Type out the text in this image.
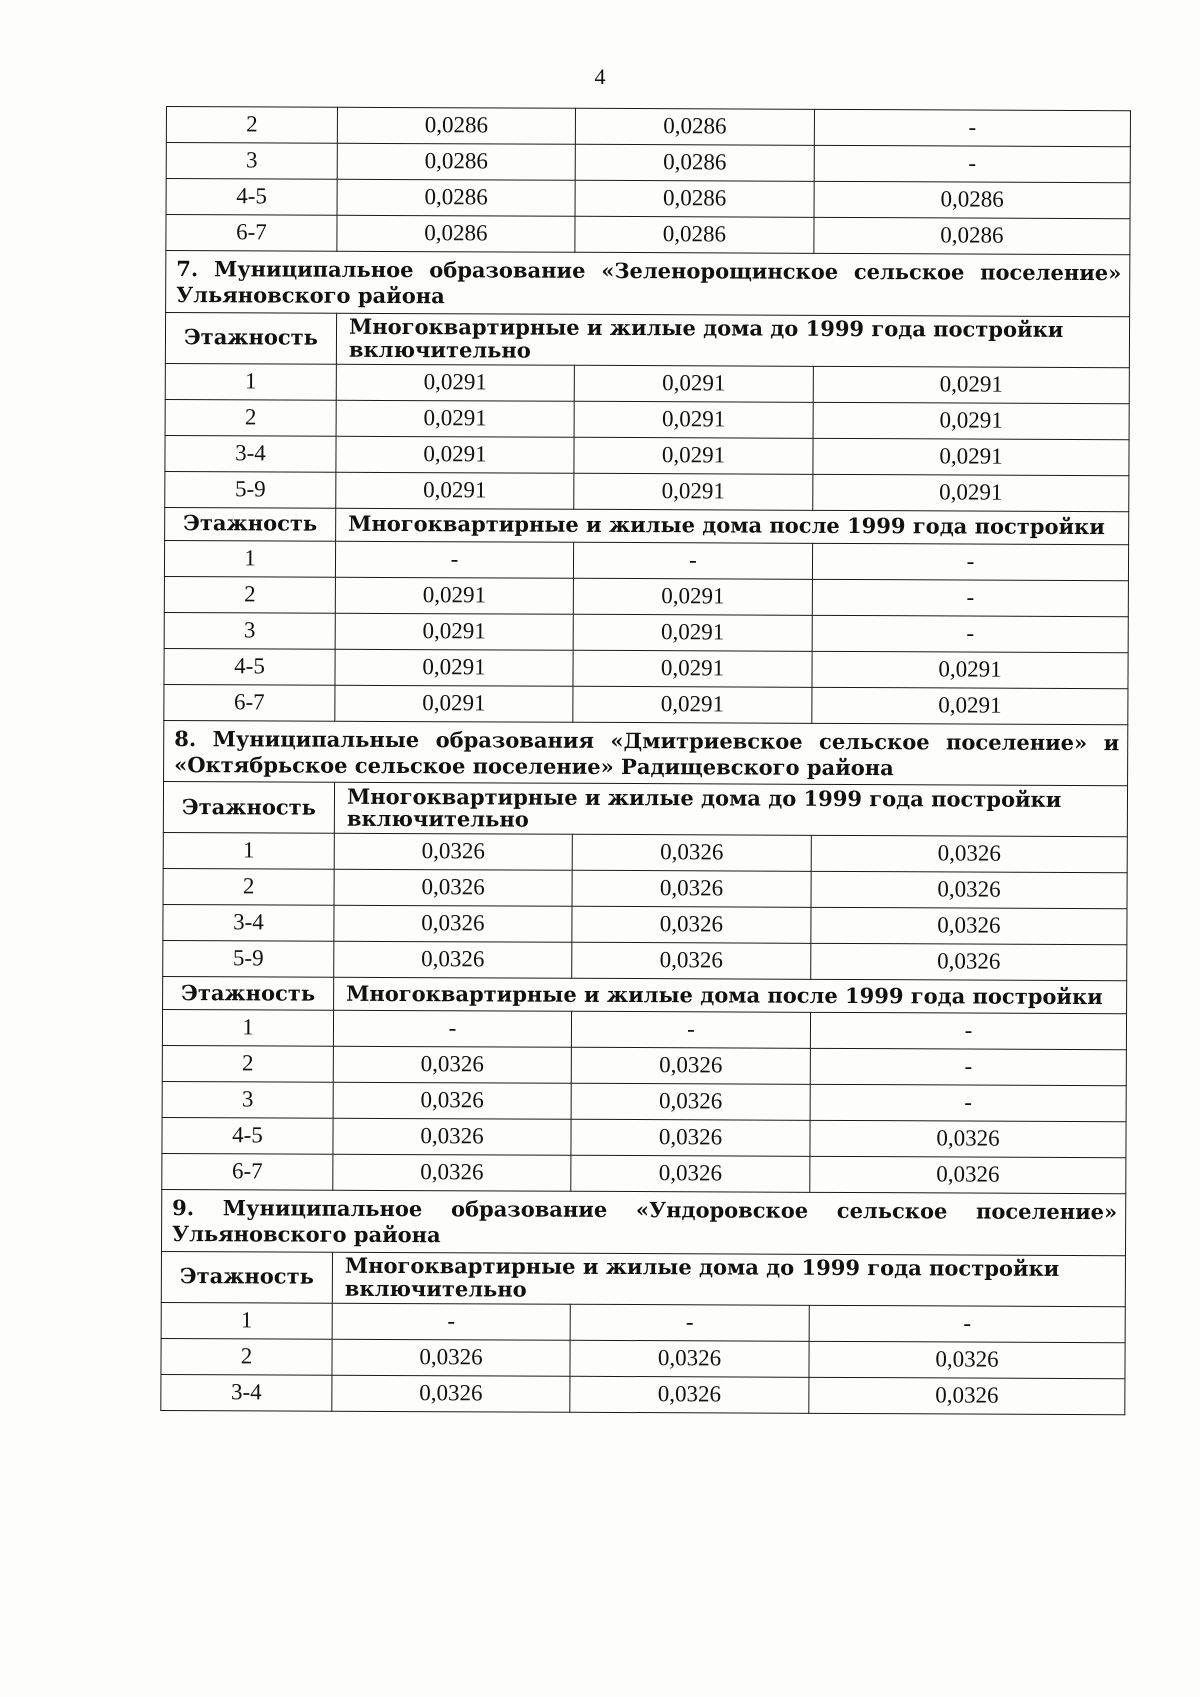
4
2	0,0286	0,0286	-
3	0,0286	0,0286	-
4-5	0,0286	0,0286	0,0286
6-7	0,0286	0,0286	0,0286
7. Муниципальное образование «Зеленорощинское сельское поселение» Ульяновского района			
Этажность	Многоквартирные и жилые дома до 1999 года постройки включительно		
1	0,0291	0,0291	0,0291
2	0,0291	0,0291	0,0291
3-4	0,0291	0,0291	0,0291
5-9	0,0291	0,0291	0,0291
Этажность	Многоквартирные и жилые дома после 1999 года постройки		
1	-	-	-
2	0,0291	0,0291	-
3	0,0291	0,0291	-
4-5	0,0291	0,0291	0,0291
6-7	0,0291	0,0291	0,0291
8. Муниципальные образования «Дмитриевское сельское поселение» и «Октябрьское сельское поселение» Радищевского района			
Этажность	Многоквартирные и жилые дома до 1999 года постройки включительно		
1	0,0326	0,0326	0,0326
2	0,0326	0,0326	0,0326
3-4	0,0326	0,0326	0,0326
5-9	0,0326	0,0326	0,0326
Этажность	Многоквартирные и жилые дома после 1999 года постройки		
1	-	-	-
2	0,0326	0,0326	-
3	0,0326	0,0326	-
4-5	0,0326	0,0326	0,0326
6-7	0,0326	0,0326	0,0326
9. Муниципальное образование «Ундоровское сельское поселение» Ульяновского района			
Этажность	Многоквартирные и жилые дома до 1999 года постройки включительно		
1	-	-	-
2	0,0326	0,0326	0,0326
3-4	0,0326	0,0326	0,0326
